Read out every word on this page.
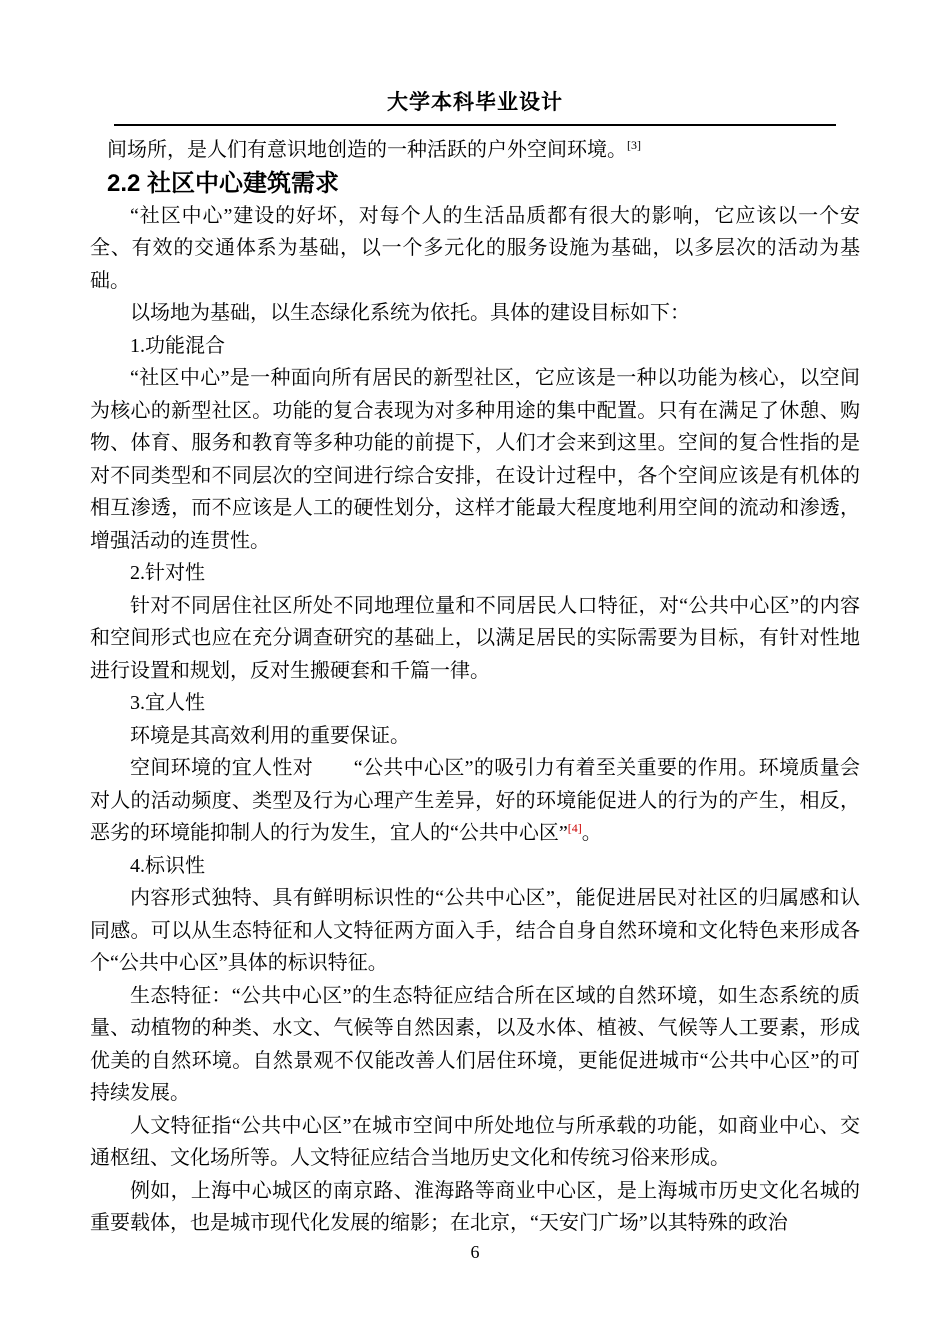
大学本科毕业设计
间场所，是人们有意识地创造的一种活跃的户外空间环境。[3]
2.2 社区中心建筑需求
“社区中心”建设的好坏，对每个人的生活品质都有很大的影响，它应该以一个安全、有效的交通体系为基础，以一个多元化的服务设施为基础，以多层次的活动为基础。
以场地为基础，以生态绿化系统为依托。具体的建设目标如下：
1.功能混合
“社区中心”是一种面向所有居民的新型社区，它应该是一种以功能为核心，以空间为核心的新型社区。功能的复合表现为对多种用途的集中配置。只有在满足了休憩、购物、体育、服务和教育等多种功能的前提下，人们才会来到这里。空间的复合性指的是对不同类型和不同层次的空间进行综合安排，在设计过程中，各个空间应该是有机体的相互渗透，而不应该是人工的硬性划分，这样才能最大程度地利用空间的流动和渗透，增强活动的连贯性。
2.针对性
针对不同居住社区所处不同地理位量和不同居民人口特征，对“公共中心区”的内容和空间形式也应在充分调查研究的基础上，以满足居民的实际需要为目标，有针对性地进行设置和规划，反对生搬硬套和千篇一律。
3.宜人性
环境是其高效利用的重要保证。
空间环境的宜人性对　　“公共中心区”的吸引力有着至关重要的作用。环境质量会对人的活动频度、类型及行为心理产生差异，好的环境能促进人的行为的产生，相反，恶劣的环境能抑制人的行为发生，宜人的“公共中心区”[4]。
4.标识性
内容形式独特、具有鲜明标识性的“公共中心区”，能促进居民对社区的归属感和认同感。可以从生态特征和人文特征两方面入手，结合自身自然环境和文化特色来形成各个“公共中心区”具体的标识特征。
生态特征：“公共中心区”的生态特征应结合所在区域的自然环境，如生态系统的质量、动植物的种类、水文、气候等自然因素，以及水体、植被、气候等人工要素，形成优美的自然环境。自然景观不仅能改善人们居住环境，更能促进城市“公共中心区”的可持续发展。
人文特征指“公共中心区”在城市空间中所处地位与所承载的功能，如商业中心、交通枢纽、文化场所等。人文特征应结合当地历史文化和传统习俗来形成。
例如，上海中心城区的南京路、淮海路等商业中心区，是上海城市历史文化名城的重要载体，也是城市现代化发展的缩影；在北京，“天安门广场”以其特殊的政治
6
